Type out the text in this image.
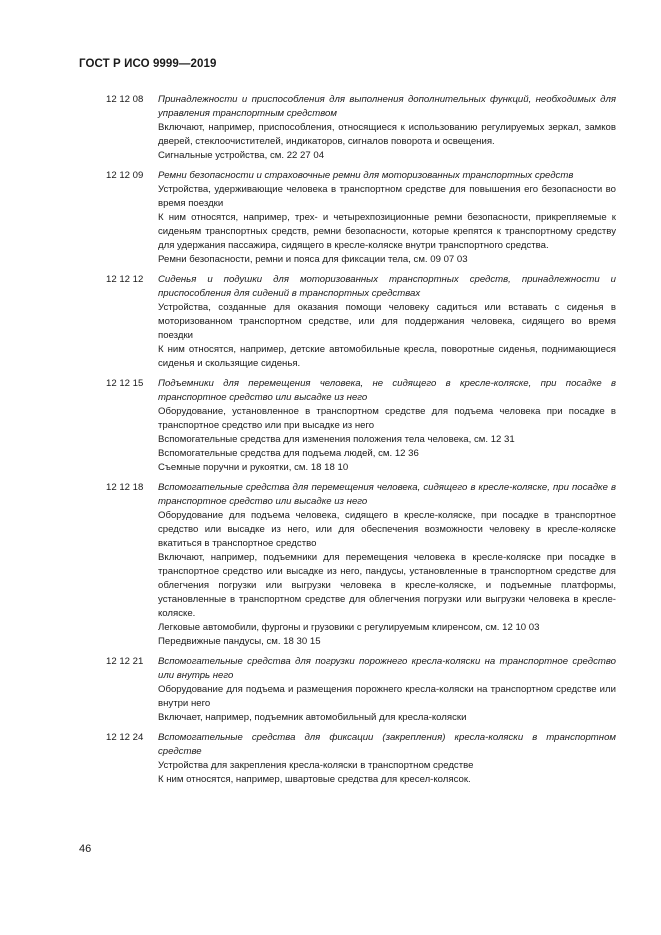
ГОСТ Р ИСО 9999—2019
12 12 08	Принадлежности и приспособления для выполнения дополнительных функций, необходимых для управления транспортным средством
Включают, например, приспособления, относящиеся к использованию регулируемых зеркал, замков дверей, стеклоочистителей, индикаторов, сигналов поворота и освещения.
Сигнальные устройства, см. 22 27 04
12 12 09	Ремни безопасности и страховочные ремни для моторизованных транспортных средств
Устройства, удерживающие человека в транспортном средстве для повышения его безопасности во время поездки
К ним относятся, например, трех- и четырехпозиционные ремни безопасности, прикрепляемые к сиденьям транспортных средств, ремни безопасности, которые крепятся к транспортному средству для удержания пассажира, сидящего в кресле-коляске внутри транспортного средства.
Ремни безопасности, ремни и пояса для фиксации тела, см. 09 07 03
12 12 12	Сиденья и подушки для моторизованных транспортных средств, принадлежности и приспособления для сидений в транспортных средствах
Устройства, созданные для оказания помощи человеку садиться или вставать с сиденья в моторизованном транспортном средстве, или для поддержания человека, сидящего во время поездки
К ним относятся, например, детские автомобильные кресла, поворотные сиденья, поднимающиеся сиденья и скользящие сиденья.
12 12 15	Подъемники для перемещения человека, не сидящего в кресле-коляске, при посадке в транспортное средство или высадке из него
Оборудование, установленное в транспортном средстве для подъема человека при посадке в транспортное средство или при высадке из него
Вспомогательные средства для изменения положения тела человека, см. 12 31
Вспомогательные средства для подъема людей, см. 12 36
Съемные поручни и рукоятки, см. 18 18 10
12 12 18	Вспомогательные средства для перемещения человека, сидящего в кресле-коляске, при посадке в транспортное средство или высадке из него
Оборудование для подъема человека, сидящего в кресле-коляске, при посадке в транспортное средство или высадке из него, или для обеспечения возможности человеку в кресле-коляске вкатиться в транспортное средство
Включают, например, подъемники для перемещения человека в кресле-коляске при посадке в транспортное средство или высадке из него, пандусы, установленные в транспортном средстве для облегчения погрузки или выгрузки человека в кресле-коляске, и подъемные платформы, установленные в транспортном средстве для облегчения погрузки или выгрузки человека в кресле-коляске.
Легковые автомобили, фургоны и грузовики с регулируемым клиренсом, см. 12 10 03
Передвижные пандусы, см. 18 30 15
12 12 21	Вспомогательные средства для погрузки порожнего кресла-коляски на транспортное средство или внутрь него
Оборудование для подъема и размещения порожнего кресла-коляски на транспортном средстве или внутри него
Включает, например, подъемник автомобильный для кресла-коляски
12 12 24	Вспомогательные средства для фиксации (закрепления) кресла-коляски в транспортном средстве
Устройства для закрепления кресла-коляски в транспортном средстве
К ним относятся, например, швартовые средства для кресел-колясок.
46
